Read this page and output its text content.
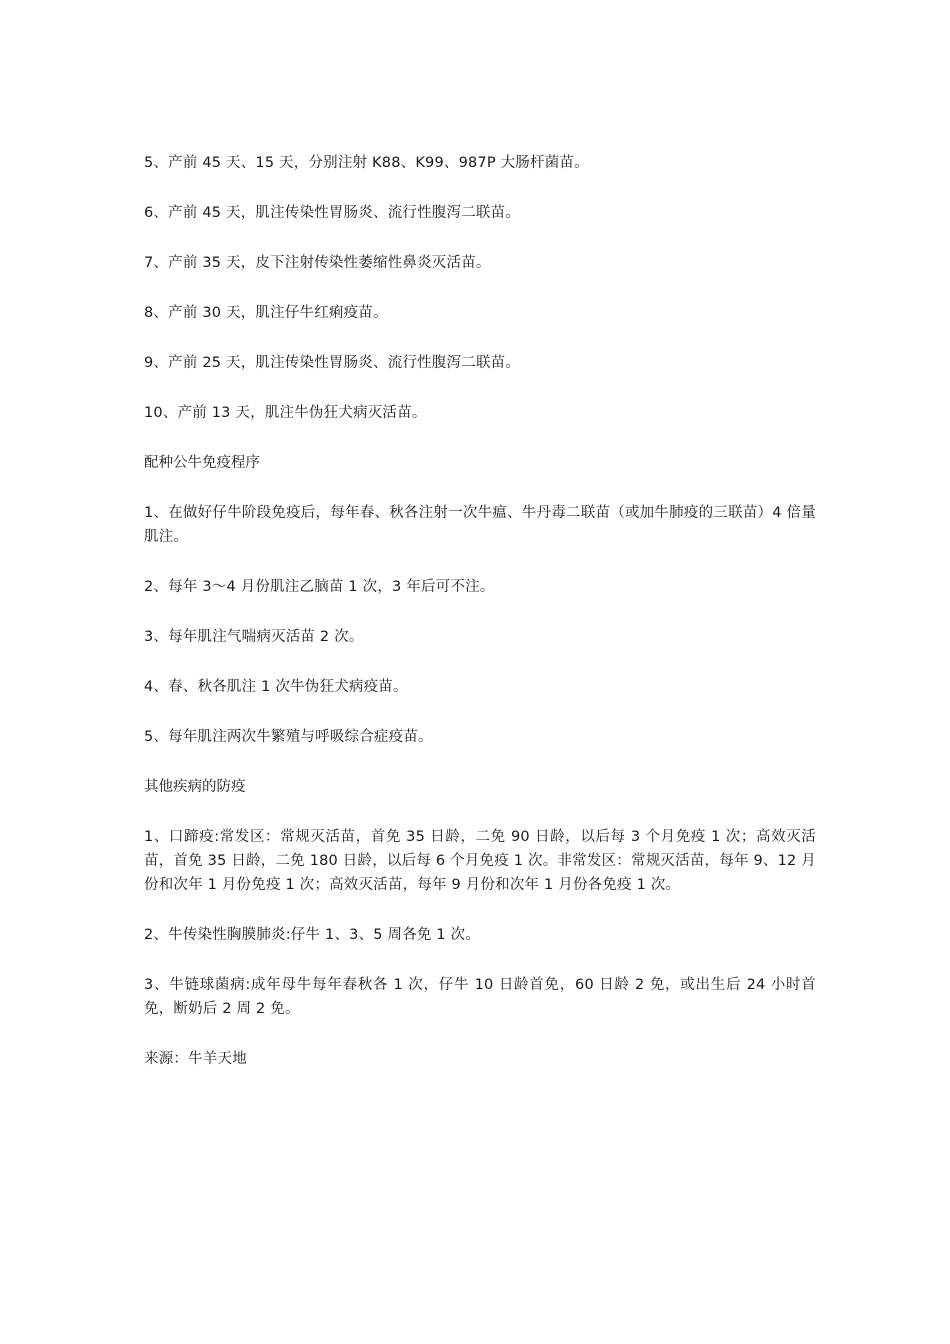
5、产前 45 天、15 天，分别注射 K88、K99、987P 大肠杆菌苗。

6、产前 45 天，肌注传染性胃肠炎、流行性腹泻二联苗。

7、产前 35 天，皮下注射传染性萎缩性鼻炎灭活苗。

8、产前 30 天，肌注仔牛红痢疫苗。

9、产前 25 天，肌注传染性胃肠炎、流行性腹泻二联苗。

10、产前 13 天，肌注牛伪狂犬病灭活苗。

配种公牛免疫程序

1、在做好仔牛阶段免疫后，每年春、秋各注射一次牛瘟、牛丹毒二联苗（或加牛肺疫的三联苗）4 倍量肌注。

2、每年 3～4 月份肌注乙脑苗 1 次，3 年后可不注。

3、每年肌注气喘病灭活苗 2 次。

4、春、秋各肌注 1 次牛伪狂犬病疫苗。

5、每年肌注两次牛繁殖与呼吸综合症疫苗。

其他疾病的防疫

1、口蹄疫:常发区：常规灭活苗，首免 35 日龄，二免 90 日龄，以后每 3 个月免疫 1 次；高效灭活苗，首免 35 日龄，二免 180 日龄，以后每 6 个月免疫 1 次。非常发区：常规灭活苗，每年 9、12 月份和次年 1 月份免疫 1 次；高效灭活苗，每年 9 月份和次年 1 月份各免疫 1 次。

2、牛传染性胸膜肺炎:仔牛 1、3、5 周各免 1 次。

3、牛链球菌病:成年母牛每年春秋各 1 次，仔牛 10 日龄首免，60 日龄 2 免，或出生后 24 小时首免，断奶后 2 周 2 免。

来源：牛羊天地
